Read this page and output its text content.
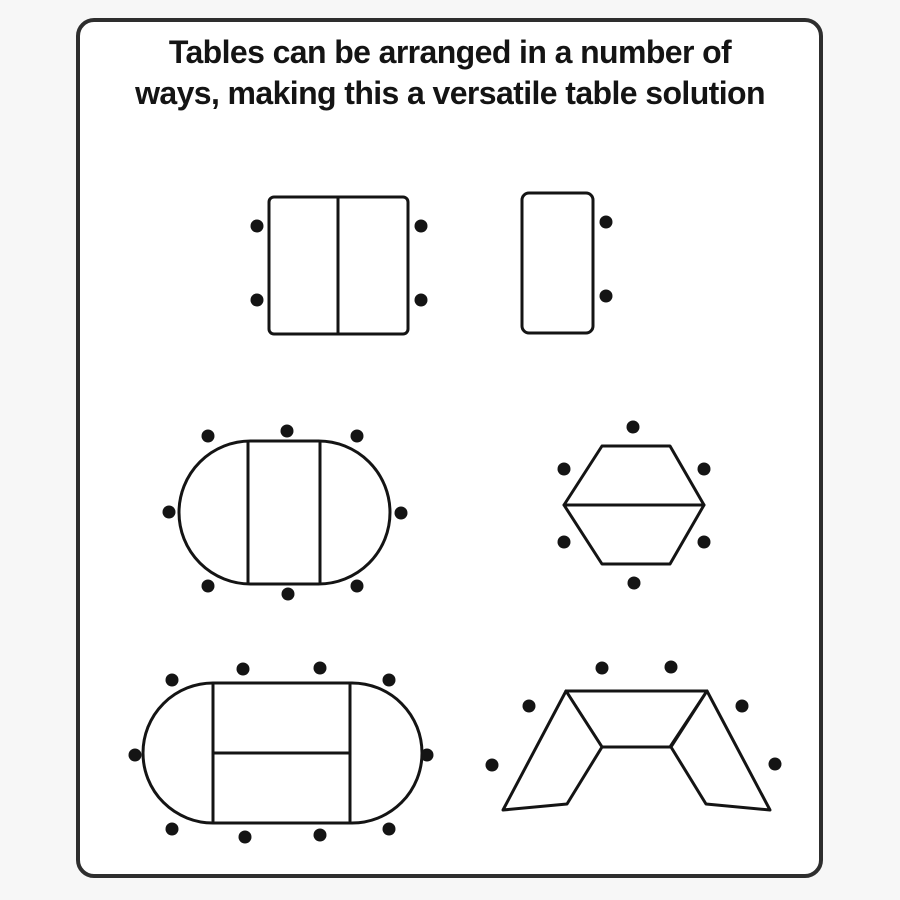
Tables can be arranged in a number of
ways, making this a versatile table solution
